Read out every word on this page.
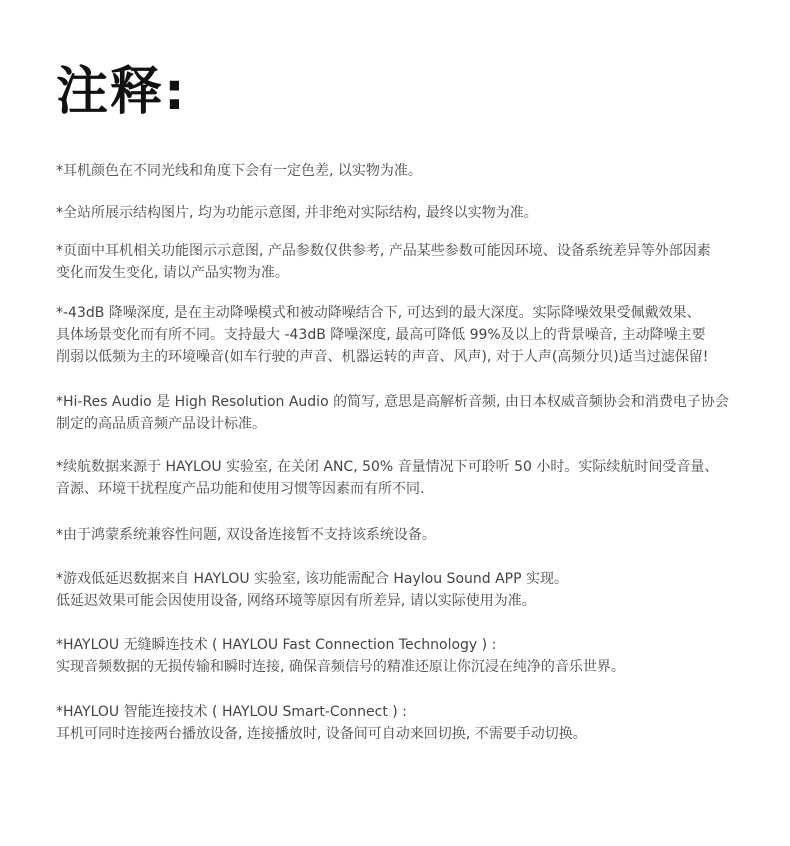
注释:

*耳机颜色在不同光线和角度下会有一定色差, 以实物为准。

*全站所展示结构图片, 均为功能示意图, 并非绝对实际结构, 最终以实物为准。

*页面中耳机相关功能图示示意图, 产品参数仅供参考, 产品某些参数可能因环境、设备系统差异等外部因素
变化而发生变化, 请以产品实物为准。

*-43dB 降噪深度, 是在主动降噪模式和被动降噪结合下, 可达到的最大深度。实际降噪效果受佩戴效果、
具体场景变化而有所不同。支持最大 -43dB 降噪深度, 最高可降低 99%及以上的背景噪音, 主动降噪主要
削弱以低频为主的环境噪音(如车行驶的声音、机器运转的声音、风声), 对于人声(高频分贝)适当过滤保留!

*Hi-Res Audio 是 High Resolution Audio 的简写, 意思是高解析音频, 由日本权威音频协会和消费电子协会
制定的高品质音频产品设计标准。

*续航数据来源于 HAYLOU 实验室, 在关闭 ANC, 50% 音量情况下可聆听 50 小时。实际续航时间受音量、
音源、环境干扰程度产品功能和使用习惯等因素而有所不同.

*由于鸿蒙系统兼容性问题, 双设备连接暂不支持该系统设备。

*游戏低延迟数据来自 HAYLOU 实验室, 该功能需配合 Haylou Sound APP 实现。
低延迟效果可能会因使用设备, 网络环境等原因有所差异, 请以实际使用为准。

*HAYLOU 无缝瞬连技术 ( HAYLOU Fast Connection Technology ) :
实现音频数据的无损传输和瞬时连接, 确保音频信号的精准还原让你沉浸在纯净的音乐世界。

*HAYLOU 智能连接技术 ( HAYLOU Smart-Connect ) :
耳机可同时连接两台播放设备, 连接播放时, 设备间可自动来回切换, 不需要手动切换。
